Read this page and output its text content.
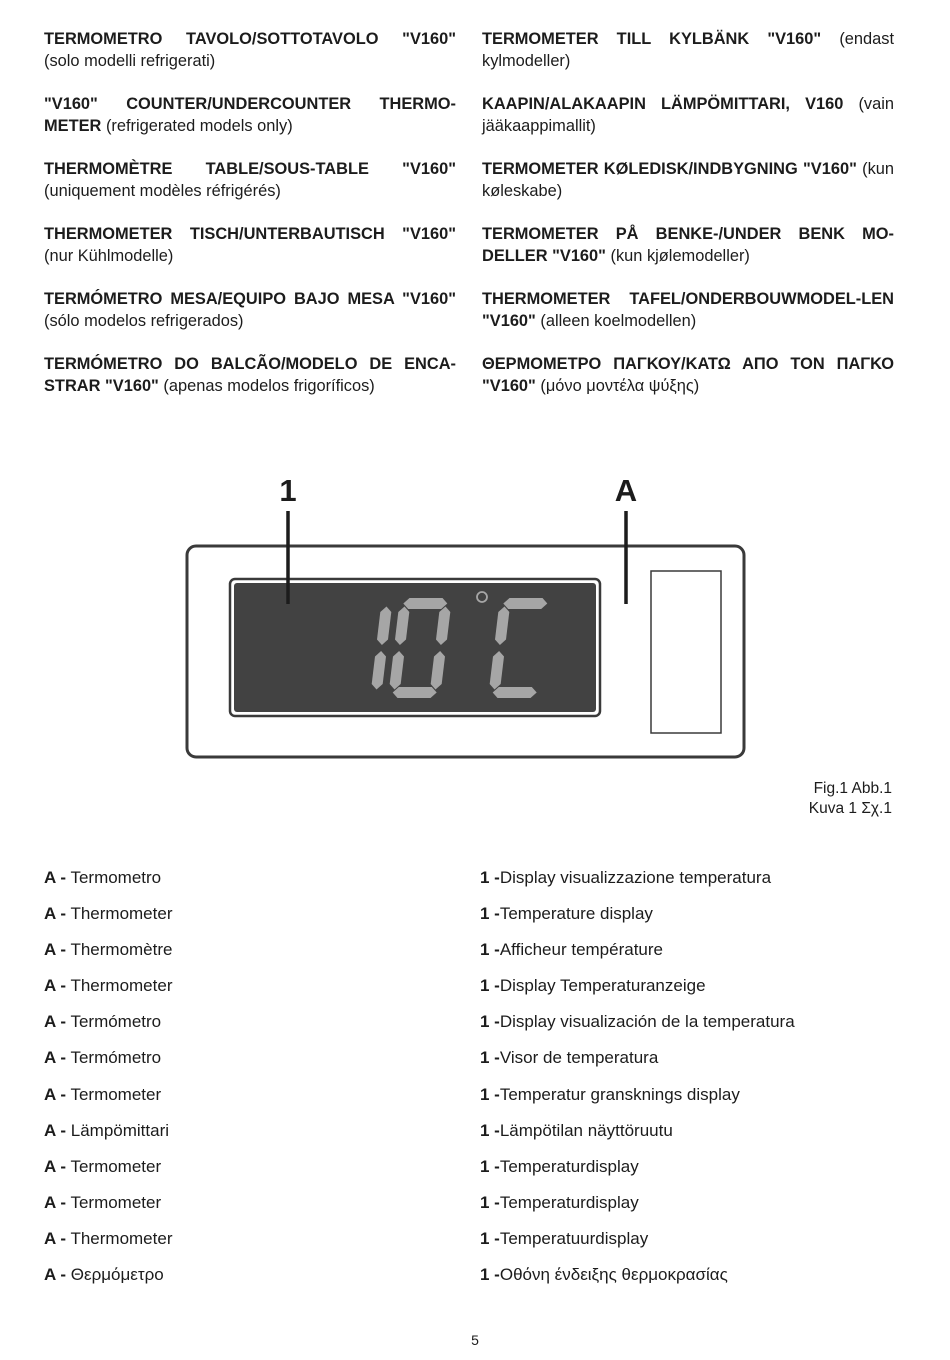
TERMOMETRO TAVOLO/SOTTOTAVOLO "V160" (solo modelli refrigerati)
"V160" COUNTER/UNDERCOUNTER THERMO-METER (refrigerated models only)
THERMOMÈTRE TABLE/SOUS-TABLE "V160" (uniquement modèles réfrigérés)
THERMOMETER TISCH/UNTERBAUTISCH "V160" (nur Kühlmodelle)
TERMÓMETRO MESA/EQUIPO BAJO MESA "V160" (sólo modelos refrigerados)
TERMÓMETRO DO BALCÃO/MODELO DE ENCA-STRAR "V160" (apenas modelos frigoríficos)
TERMOMETER TILL KYLBÄNK "V160" (endast kylmodeller)
KAAPIN/ALAKAAPIN LÄMPÖMITTARI, V160 (vain jääkaappimallit)
TERMOMETER KØLEDISK/INDBYGNING "V160" (kun køleskabe)
TERMOMETER PÅ BENKE-/UNDER BENK MO-DELLER "V160" (kun kjølemodeller)
THERMOMETER TAFEL/ONDERBOUWMODEL-LEN "V160" (alleen koelmodellen)
ΘΕΡΜΟΜΕΤΡΟ ΠΑΓΚΟΥ/ΚΑΤΩ ΑΠΟ ΤΟΝ ΠΑΓΚΟ "V160" (μόνο μοντέλα ψύξης)
1	A
Fig.1 Abb.1
Kuva 1 Σχ.1
A - Termometro
A - Thermometer
A - Thermomètre
A - Thermometer
A - Termómetro
A - Termómetro
A - Termometer
A - Lämpömittari
A - Termometer
A - Termometer
A - Thermometer
A - Θερμόμετρο
1 -Display visualizzazione temperatura
1 -Temperature display
1 -Afficheur température
1 -Display Temperaturanzeige
1 -Display visualización de la temperatura
1 -Visor de temperatura
1 -Temperatur gransknings display
1 -Lämpötilan näyttöruutu
1 -Temperaturdisplay
1 -Temperaturdisplay
1 -Temperatuurdisplay
1 -Οθόνη ένδειξης θερμοκρασίας
5
